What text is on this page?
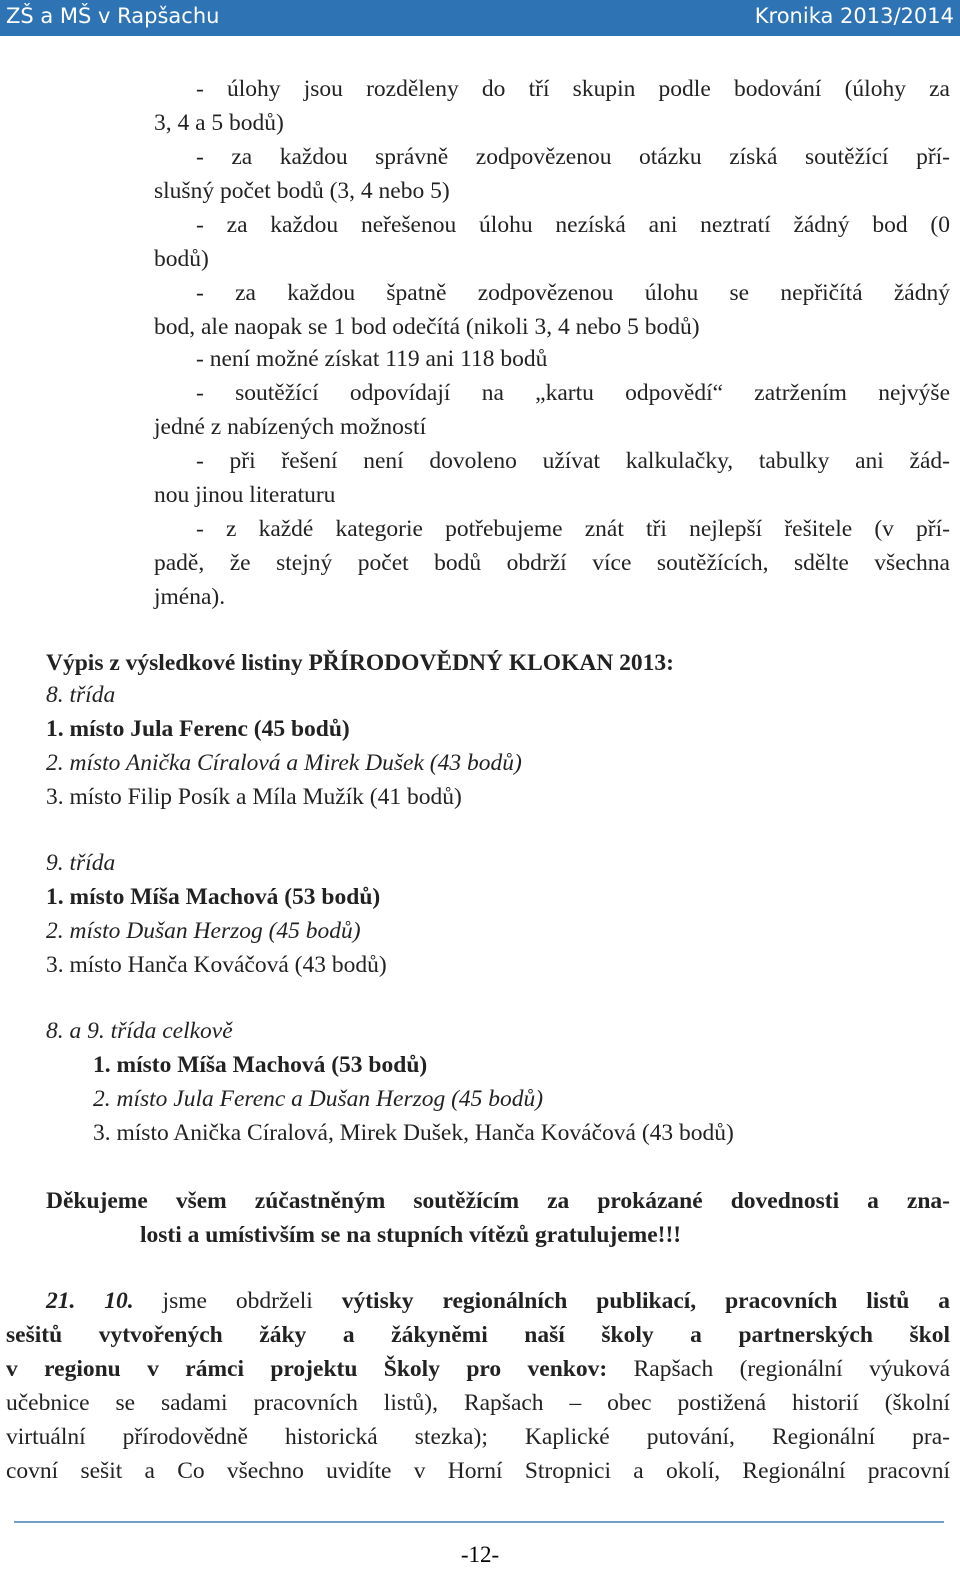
ZŠ a MŠ v Rapšachu	Kronika 2013/2014
- úlohy jsou rozděleny do tří skupin podle bodování (úlohy za
3, 4 a 5 bodů)
- za každou správně zodpovězenou otázku získá soutěžící pří-
slušný počet bodů (3, 4 nebo 5)
- za každou neřešenou úlohu nezíská ani neztratí žádný bod (0
bodů)
- za každou špatně zodpovězenou úlohu se nepřičítá žádný
bod, ale naopak se 1 bod odečítá (nikoli 3, 4 nebo 5 bodů)
- není možné získat 119 ani 118 bodů
- soutěžící odpovídají na „kartu odpovědí“ zatržením nejvýše
jedné z nabízených možností
- při řešení není dovoleno užívat kalkulačky, tabulky ani žád-
nou jinou literaturu
- z každé kategorie potřebujeme znát tři nejlepší řešitele (v pří-
padě, že stejný počet bodů obdrží více soutěžících, sdělte všechna
jména).
Výpis z výsledkové listiny PŘÍRODOVĚDNÝ KLOKAN 2013:
8. třída
1. místo Jula Ferenc (45 bodů)
2. místo Anička Círalová a Mirek Dušek (43 bodů)
3. místo Filip Posík a Míla Mužík (41 bodů)
9. třída
1. místo Míša Machová (53 bodů)
2. místo Dušan Herzog (45 bodů)
3. místo Hanča Kováčová (43 bodů)
8. a 9. třída celkově
1. místo Míša Machová (53 bodů)
2. místo Jula Ferenc a Dušan Herzog (45 bodů)
3. místo Anička Círalová, Mirek Dušek, Hanča Kováčová (43 bodů)
Děkujeme všem zúčastněným soutěžícím za prokázané dovednosti a zna-
losti a umístivším se na stupních vítězů gratulujeme!!!
21. 10. jsme obdrželi výtisky regionálních publikací, pracovních listů a
sešitů vytvořených žáky a žákyněmi naší školy a partnerských škol
v regionu v rámci projektu Školy pro venkov: Rapšach (regionální výuková
učebnice se sadami pracovních listů), Rapšach – obec postižená historií (školní
virtuální přírodovědně historická stezka); Kaplické putování, Regionální pra-
covní sešit a Co všechno uvidíte v Horní Stropnici a okolí, Regionální pracovní
-12-
